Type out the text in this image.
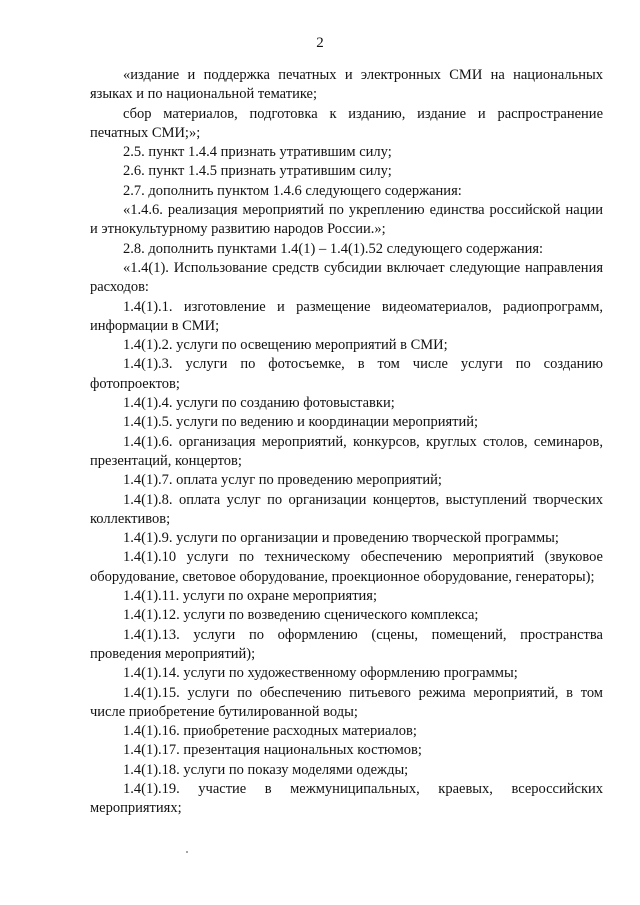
2

«издание и поддержка печатных и электронных СМИ на национальных языках и по национальной тематике;

сбор материалов, подготовка к изданию, издание и распространение печатных СМИ;»;

2.5. пункт 1.4.4 признать утратившим силу;

2.6. пункт 1.4.5 признать утратившим силу;

2.7. дополнить пунктом 1.4.6 следующего содержания:

«1.4.6. реализация мероприятий по укреплению единства российской нации и этнокультурному развитию народов России.»;

2.8. дополнить пунктами 1.4(1) – 1.4(1).52 следующего содержания:

«1.4(1). Использование средств субсидии включает следующие направления расходов:

1.4(1).1. изготовление и размещение видеоматериалов, радиопрограмм, информации в СМИ;

1.4(1).2. услуги по освещению мероприятий в СМИ;

1.4(1).3. услуги по фотосъемке, в том числе услуги по созданию фотопроектов;

1.4(1).4. услуги по созданию фотовыставки;

1.4(1).5. услуги по ведению и координации мероприятий;

1.4(1).6. организация мероприятий, конкурсов, круглых столов, семинаров, презентаций, концертов;

1.4(1).7. оплата услуг по проведению мероприятий;

1.4(1).8. оплата услуг по организации концертов, выступлений творческих коллективов;

1.4(1).9. услуги по организации и проведению творческой программы;

1.4(1).10 услуги по техническому обеспечению мероприятий (звуковое оборудование, световое оборудование, проекционное оборудование, генераторы);

1.4(1).11. услуги по охране мероприятия;

1.4(1).12. услуги по возведению сценического комплекса;

1.4(1).13. услуги по оформлению (сцены, помещений, пространства проведения мероприятий);

1.4(1).14. услуги по художественному оформлению программы;

1.4(1).15. услуги по обеспечению питьевого режима мероприятий, в том числе приобретение бутилированной воды;

1.4(1).16. приобретение расходных материалов;

1.4(1).17. презентация национальных костюмов;

1.4(1).18. услуги по показу моделями одежды;

1.4(1).19. участие в межмуниципальных, краевых, всероссийских мероприятиях;
